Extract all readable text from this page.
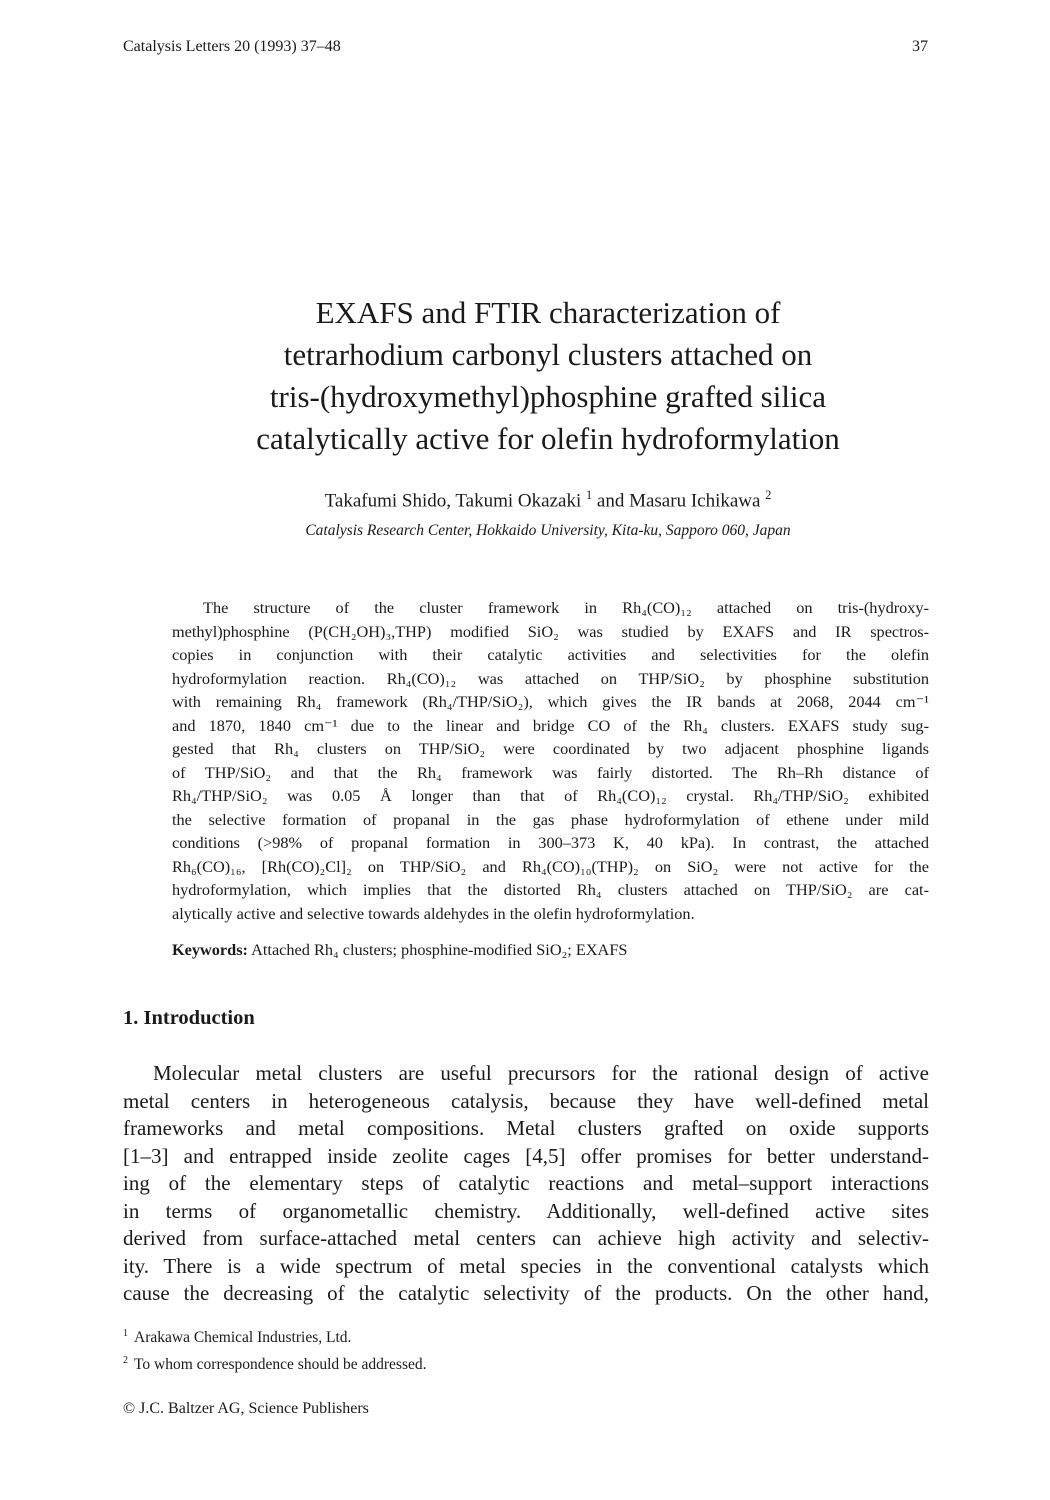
Catalysis Letters 20 (1993) 37–48	37
EXAFS and FTIR characterization of
tetrarhodium carbonyl clusters attached on
tris-(hydroxymethyl)phosphine grafted silica
catalytically active for olefin hydroformylation
Takafumi Shido, Takumi Okazaki $^1$ and Masaru Ichikawa $^2$
Catalysis Research Center, Hokkaido University, Kita-ku, Sapporo 060, Japan
The structure of the cluster framework in Rh₄(CO)₁₂ attached on tris-(hydroxy-
methyl)phosphine (P(CH₂OH)₃,THP) modified SiO₂ was studied by EXAFS and IR spectros-
copies in conjunction with their catalytic activities and selectivities for the olefin
hydroformylation reaction. Rh₄(CO)₁₂ was attached on THP/SiO₂ by phosphine substitution
with remaining Rh₄ framework (Rh₄/THP/SiO₂), which gives the IR bands at 2068, 2044 cm⁻¹
and 1870, 1840 cm⁻¹ due to the linear and bridge CO of the Rh₄ clusters. EXAFS study sug-
gested that Rh₄ clusters on THP/SiO₂ were coordinated by two adjacent phosphine ligands
of THP/SiO₂ and that the Rh₄ framework was fairly distorted. The Rh–Rh distance of
Rh₄/THP/SiO₂ was 0.05 Å longer than that of Rh₄(CO)₁₂ crystal. Rh₄/THP/SiO₂ exhibited
the selective formation of propanal in the gas phase hydroformylation of ethene under mild
conditions (>98% of propanal formation in 300–373 K, 40 kPa). In contrast, the attached
Rh₆(CO)₁₆, [Rh(CO)₂Cl]₂ on THP/SiO₂ and Rh₄(CO)₁₀(THP)₂ on SiO₂ were not active for the
hydroformylation, which implies that the distorted Rh₄ clusters attached on THP/SiO₂ are cat-
alytically active and selective towards aldehydes in the olefin hydroformylation.
Keywords: Attached Rh₄ clusters; phosphine-modified SiO₂; EXAFS
1. Introduction
Molecular metal clusters are useful precursors for the rational design of active
metal centers in heterogeneous catalysis, because they have well-defined metal
frameworks and metal compositions. Metal clusters grafted on oxide supports
[1–3] and entrapped inside zeolite cages [4,5] offer promises for better understand-
ing of the elementary steps of catalytic reactions and metal–support interactions
in terms of organometallic chemistry. Additionally, well-defined active sites
derived from surface-attached metal centers can achieve high activity and selectiv-
ity. There is a wide spectrum of metal species in the conventional catalysts which
cause the decreasing of the catalytic selectivity of the products. On the other hand,
$^1$ Arakawa Chemical Industries, Ltd.
$^2$ To whom correspondence should be addressed.
© J.C. Baltzer AG, Science Publishers
